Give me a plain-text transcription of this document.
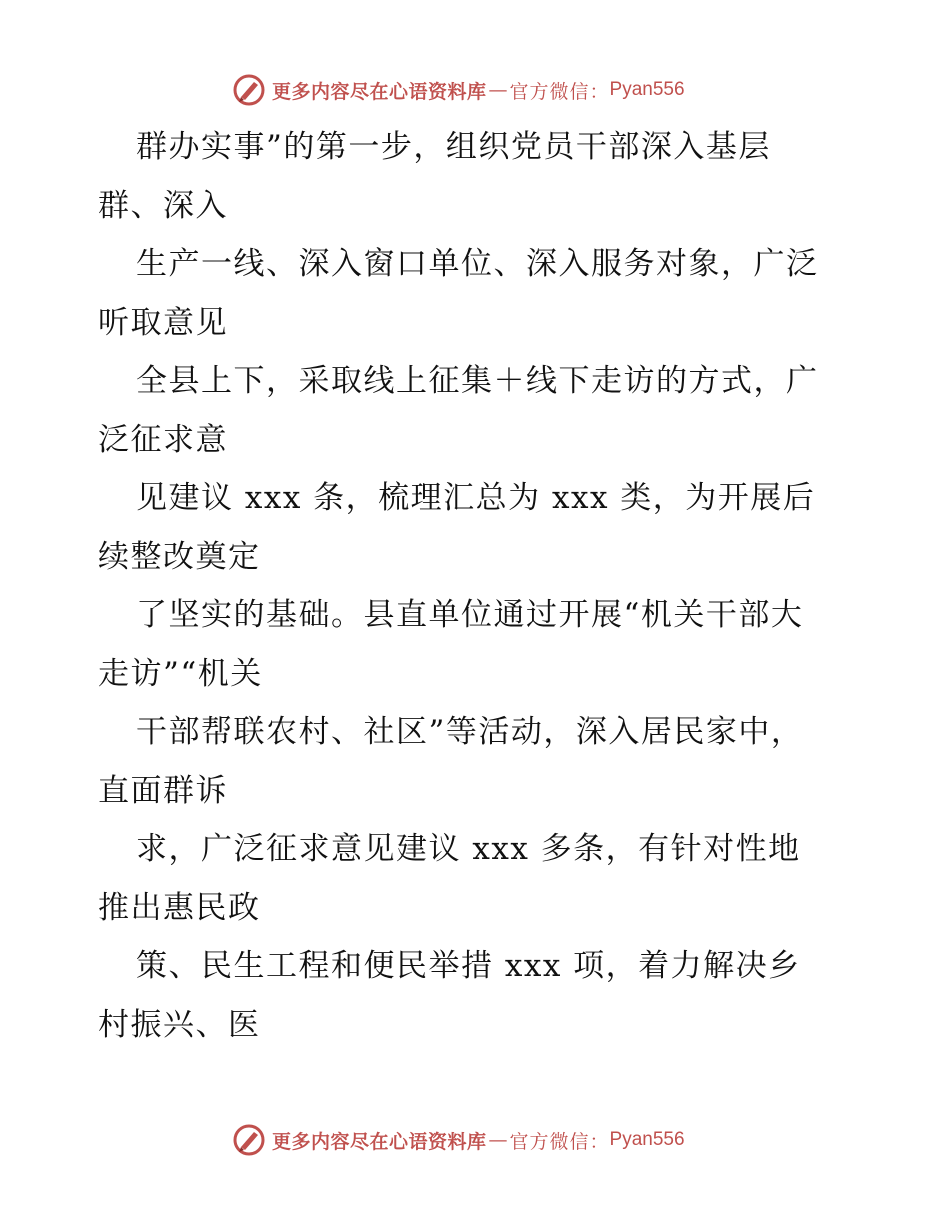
更多内容尽在心语资料库 — 官方微信： Pyan556
群办实事”的第一步，组织党员干部深入基层
群、深入
生产一线、深入窗口单位、深入服务对象，广泛
听取意见
全县上下，采取线上征集＋线下走访的方式，广
泛征求意
见建议 xxx 条，梳理汇总为 xxx 类，为开展后
续整改奠定
了坚实的基础。县直单位通过开展“机关干部大
走访”“机关
干部帮联农村、社区”等活动，深入居民家中，
直面群诉
求，广泛征求意见建议 xxx 多条，有针对性地
推出惠民政
策、民生工程和便民举措 xxx 项，着力解决乡
村振兴、医
更多内容尽在心语资料库 — 官方微信： Pyan556
